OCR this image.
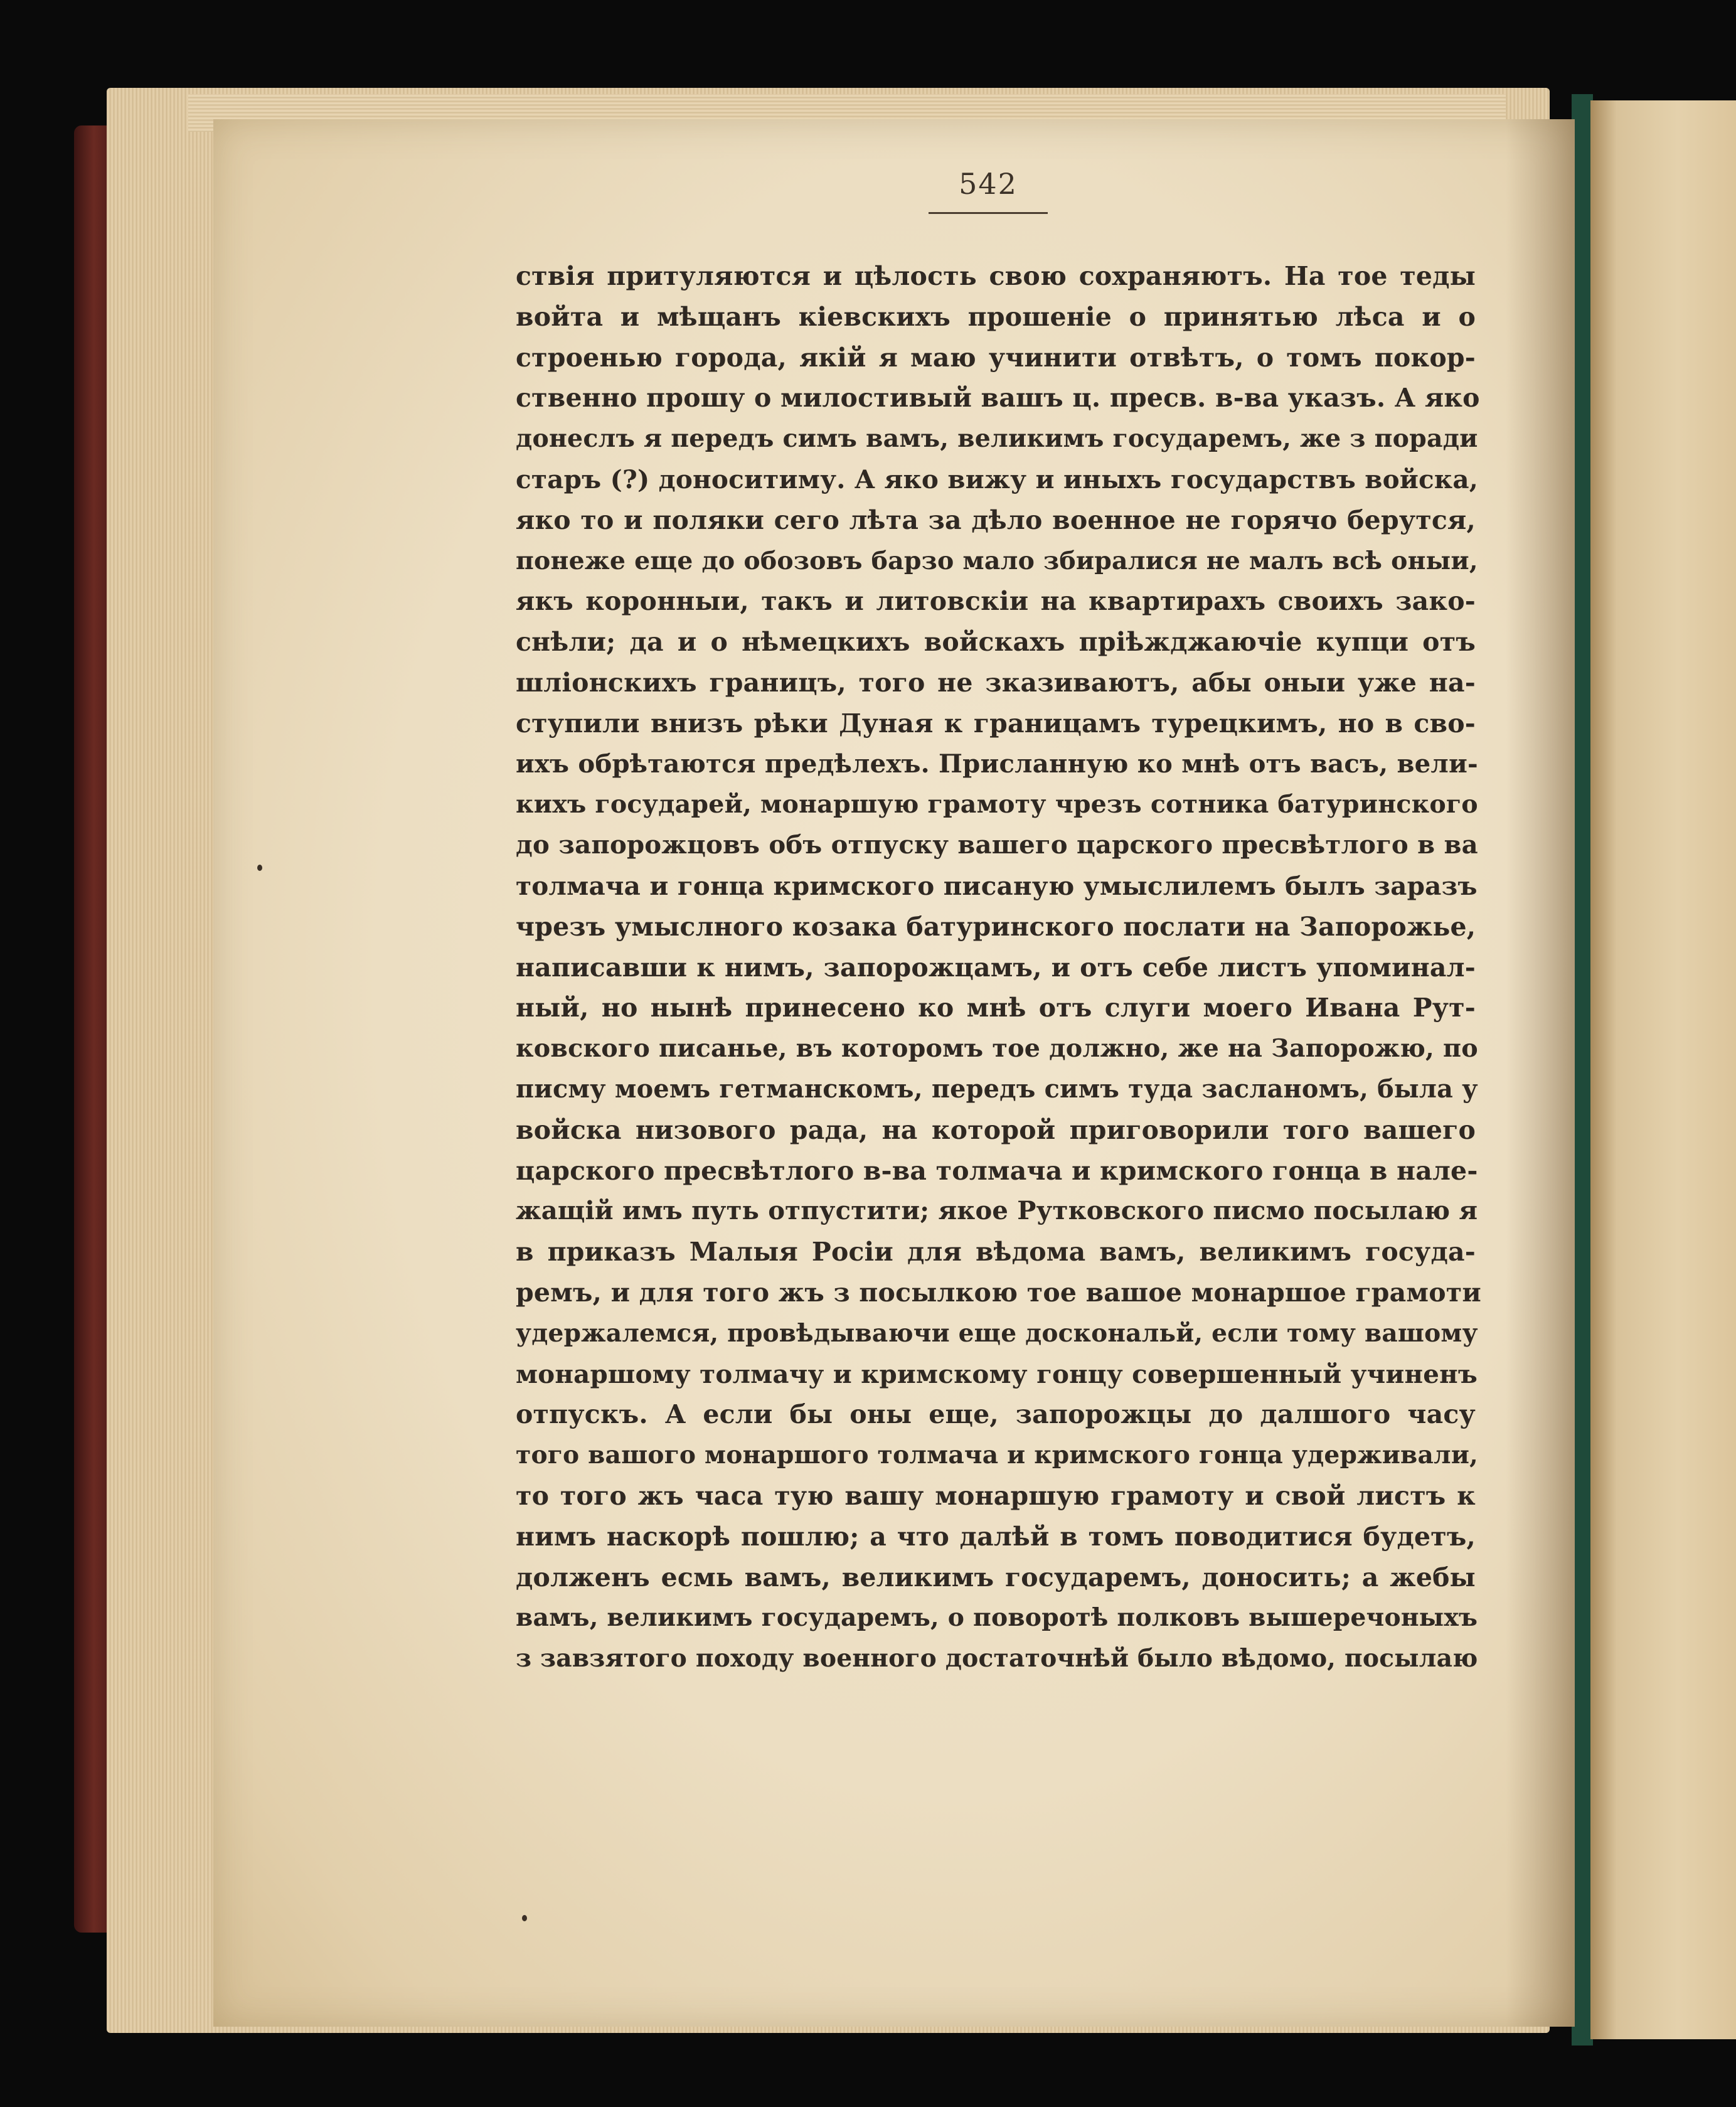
542
ствія притуляются и цѣлость свою сохраняютъ. На тое теды
войта и мѣщанъ кіевскихъ прошеніе о принятью лѣса и о
строенью города, якій я маю учинити отвѣтъ, о томъ покор-
ственно прошу о милостивый вашъ ц. пресв. в-ва указъ. А яко
донеслъ я передъ симъ вамъ, великимъ государемъ, же з поради
старъ (?) доноситиму. А яко вижу и иныхъ государствъ войска,
яко то и поляки сего лѣта за дѣло военное не горячо берутся,
понеже еще до обозовъ барзо мало збиралися не малъ всѣ оныи,
якъ коронныи, такъ и литовскіи на квартирахъ своихъ зако-
снѣли; да и о нѣмецкихъ войскахъ пріѣжджаючіе купци отъ
шліонскихъ границъ, того не зказиваютъ, абы оныи уже на-
ступили внизъ рѣки Дуная к границамъ турецкимъ, но в сво-
ихъ обрѣтаются предѣлехъ. Присланную ко мнѣ отъ васъ, вели-
кихъ государей, монаршую грамоту чрезъ сотника батуринского
до запорожцовъ объ отпуску вашего царского пресвѣтлого в ва
толмача и гонца кримского писаную умыслилемъ былъ заразъ
чрезъ умыслного козака батуринского послати на Запорожье,
написавши к нимъ, запорожцамъ, и отъ себе листъ упоминал-
ный, но нынѣ принесено ко мнѣ отъ слуги моего Ивана Рут-
ковского писанье, въ которомъ тое должно, же на Запорожю, по
писму моемъ гетманскомъ, передъ симъ туда засланомъ, была у
войска низового рада, на которой приговорили того вашего
царского пресвѣтлого в-ва толмача и кримского гонца в нале-
жащій имъ путь отпустити; якое Рутковского писмо посылаю я
в приказъ Малыя Росіи для вѣдома вамъ, великимъ госуда-
ремъ, и для того жъ з посылкою тое вашое монаршое грамоти
удержалемся, провѣдываючи еще доскональй, если тому вашому
монаршому толмачу и кримскому гонцу совершенный учиненъ
отпускъ. А если бы оны еще, запорожцы до далшого часу
того вашого монаршого толмача и кримского гонца удерживали,
то того жъ часа тую вашу монаршую грамоту и свой листъ к
нимъ наскорѣ пошлю; а что далѣй в томъ поводитися будетъ,
долженъ есмь вамъ, великимъ государемъ, доносить; а жебы
вамъ, великимъ государемъ, о поворотѣ полковъ вышеречоныхъ
з завзятого походу военного достаточнѣй было вѣдомо, посылаю
